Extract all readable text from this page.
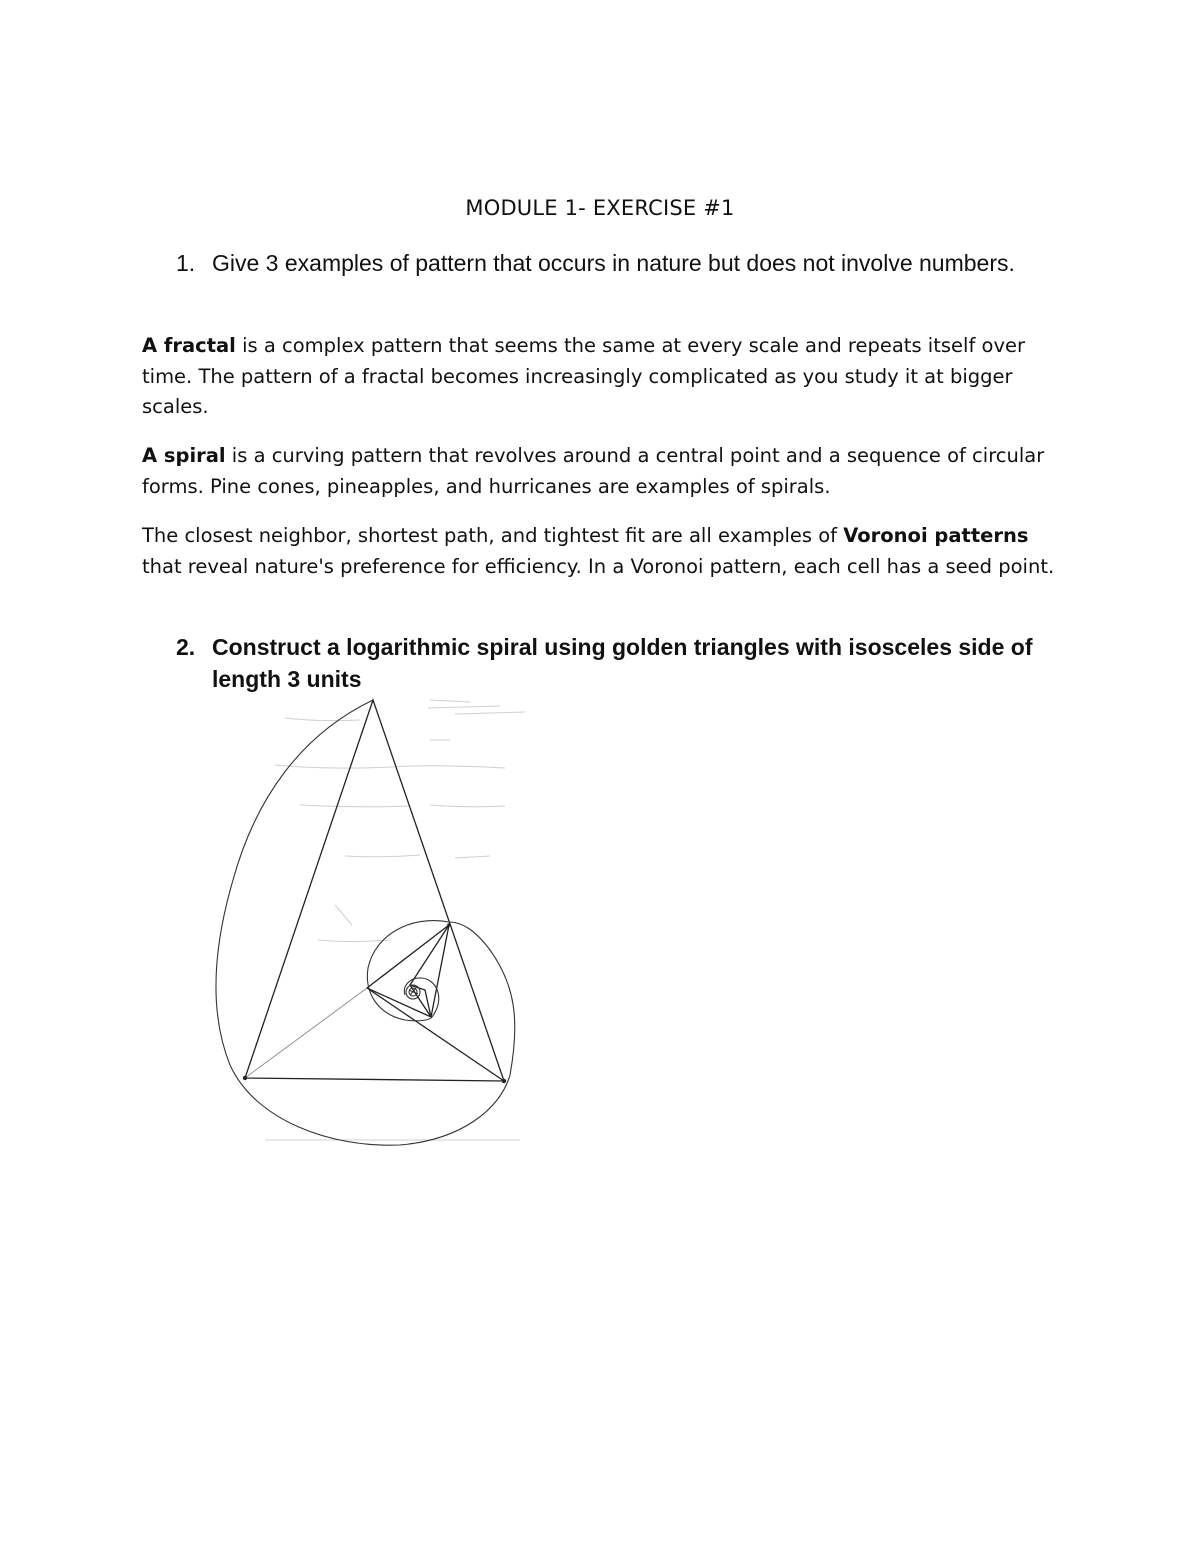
MODULE 1- EXERCISE #1
1. Give 3 examples of pattern that occurs in nature but does not involve numbers.

A fractal is a complex pattern that seems the same at every scale and repeats itself over time. The pattern of a fractal becomes increasingly complicated as you study it at bigger scales.

A spiral is a curving pattern that revolves around a central point and a sequence of circular forms. Pine cones, pineapples, and hurricanes are examples of spirals.

The closest neighbor, shortest path, and tightest fit are all examples of Voronoi patterns that reveal nature's preference for efficiency. In a Voronoi pattern, each cell has a seed point.

2. Construct a logarithmic spiral using golden triangles with isosceles side of length 3 units
